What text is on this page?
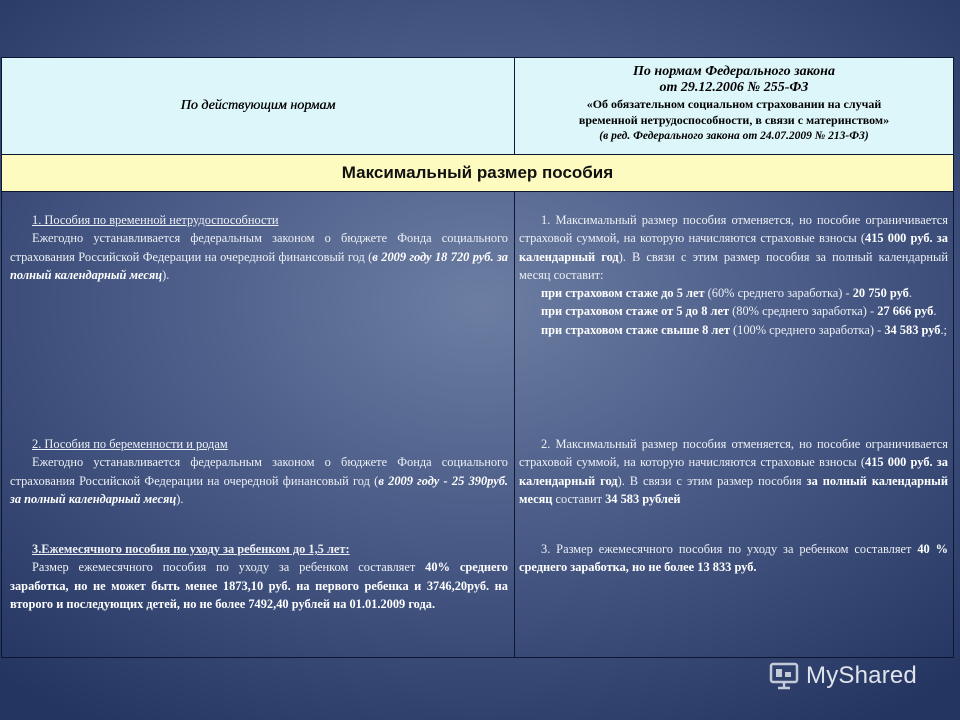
По действующим нормам
По нормам Федерального закона
от 29.12.2006 № 255-ФЗ
«Об обязательном социальном страховании на случай
временной нетрудоспособности, в связи с материнством»
(в ред. Федерального закона от 24.07.2009 № 213-ФЗ)
Максимальный размер пособия

1. Пособия по временной нетрудоспособности

Ежегодно устанавливается федеральным законом о бюджете Фонда социального страхования Российской Федерации на очередной финансовый год (в 2009 году 18 720 руб. за полный календарный месяц).

2. Пособия по беременности и родам

Ежегодно устанавливается федеральным законом о бюджете Фонда социального страхования Российской Федерации на очередной финансовый год (в 2009 году - 25 390руб. за полный календарный месяц).

3.Ежемесячного пособия по уходу за ребенком до 1,5 лет:

Размер ежемесячного пособия по уходу за ребенком составляет 40% среднего заработка, но не может быть менее 1873,10 руб. на первого ребенка и 3746,20руб. на второго и последующих детей, но не более 7492,40 рублей на 01.01.2009 года.

1. Максимальный размер пособия отменяется, но пособие ограничивается страховой суммой, на которую начисляются страховые взносы (415 000 руб. за календарный год). В связи с этим размер пособия за полный календарный месяц составит:

при страховом стаже до 5 лет (60% среднего заработка) - 20 750 руб.

при страховом стаже от 5 до 8 лет (80% среднего заработка) - 27 666 руб.

при страховом стаже свыше 8 лет (100% среднего заработка) - 34 583 руб.;

2. Максимальный размер пособия отменяется, но пособие ограничивается страховой суммой, на которую начисляются страховые взносы (415 000 руб. за календарный год). В связи с этим размер пособия за полный календарный месяц составит 34 583 рублей

3. Размер ежемесячного пособия по уходу за ребенком составляет 40 % среднего заработка, но не более 13 833 руб.

MyShared
